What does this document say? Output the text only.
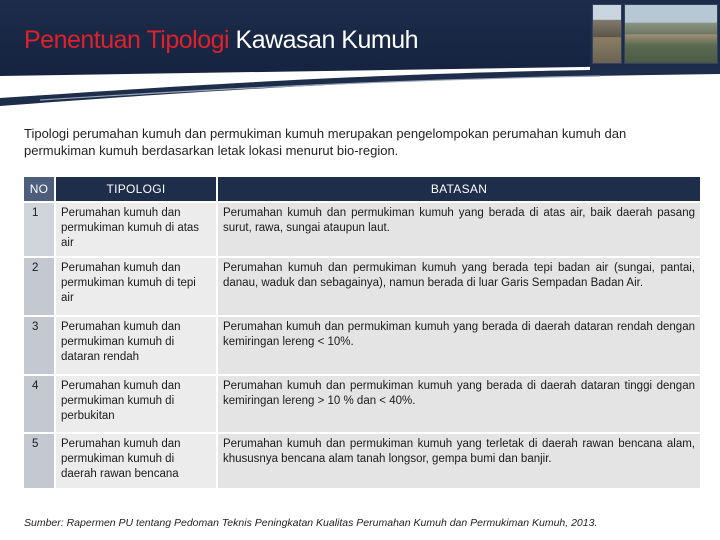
Penentuan Tipologi Kawasan Kumuh

Tipologi perumahan kumuh dan permukiman kumuh merupakan pengelompokan perumahan kumuh dan permukiman kumuh berdasarkan letak lokasi menurut bio-region.

NO	TIPOLOGI	BATASAN
1	Perumahan kumuh dan permukiman kumuh di atas air	Perumahan kumuh dan permukiman kumuh yang berada di atas air, baik daerah pasang surut, rawa, sungai ataupun laut.
2	Perumahan kumuh dan permukiman kumuh di tepi air	Perumahan kumuh dan permukiman kumuh yang berada tepi badan air (sungai, pantai, danau, waduk dan sebagainya), namun berada di luar Garis Sempadan Badan Air.
3	Perumahan kumuh dan permukiman kumuh di dataran rendah	Perumahan kumuh dan permukiman kumuh yang berada di daerah dataran rendah dengan kemiringan lereng < 10%.
4	Perumahan kumuh dan permukiman kumuh di perbukitan	Perumahan kumuh dan permukiman kumuh yang berada di daerah dataran tinggi dengan kemiringan lereng > 10 % dan < 40%.
5	Perumahan kumuh dan permukiman kumuh di daerah rawan bencana	Perumahan kumuh dan permukiman kumuh yang terletak di daerah rawan bencana alam, khususnya bencana alam tanah longsor, gempa bumi dan banjir.

Sumber: Rapermen PU tentang Pedoman Teknis Peningkatan Kualitas Perumahan Kumuh dan Permukiman Kumuh, 2013.
